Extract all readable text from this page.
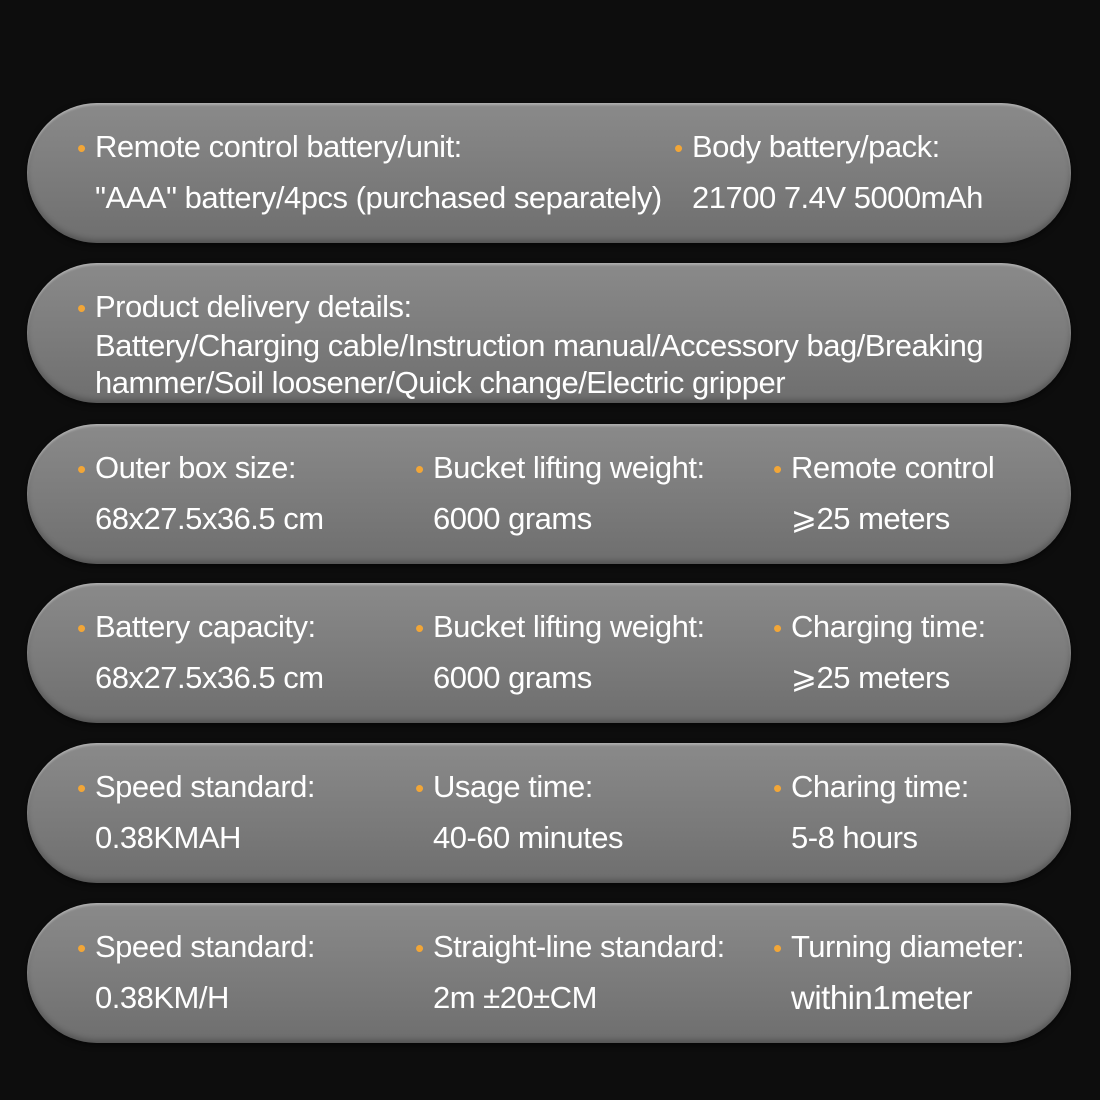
• Remote control battery/unit:
"AAA" battery/4pcs (purchased separately)
• Body battery/pack:
21700 7.4V 5000mAh
• Product delivery details:
Battery/Charging cable/Instruction manual/Accessory bag/Breaking
hammer/Soil loosener/Quick change/Electric gripper
• Outer box size:
68x27.5x36.5 cm
• Bucket lifting weight:
6000 grams
• Remote control
⩾25 meters
• Battery capacity:
68x27.5x36.5 cm
• Bucket lifting weight:
6000 grams
• Charging time:
⩾25 meters
• Speed standard:
0.38KMAH
• Usage time:
40-60 minutes
• Charing time:
5-8 hours
• Speed standard:
0.38KM/H
• Straight-line standard:
2m ±20±CM
• Turning diameter:
within1meter
